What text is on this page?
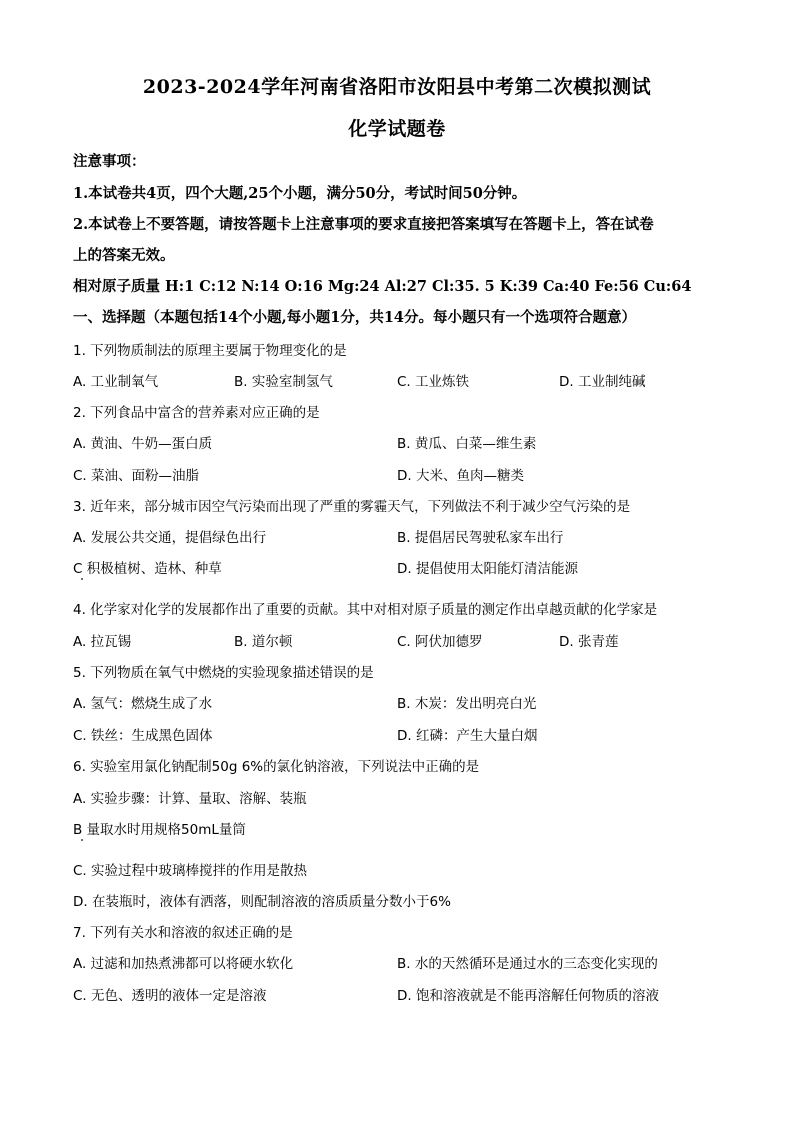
2023-2024学年河南省洛阳市汝阳县中考第二次模拟测试
化学试题卷
注意事项：
1.本试卷共4页，四个大题,25个小题，满分50分，考试时间50分钟。
2.本试卷上不要答题，请按答题卡上注意事项的要求直接把答案填写在答题卡上，答在试卷
上的答案无效。
相对原子质量 H:1 C:12 N:14 O:16 Mg:24 Al:27 Cl:35. 5 K:39 Ca:40 Fe:56 Cu:64
一、选择题（本题包括14个小题,每小题1分，共14分。每小题只有一个选项符合题意）
1. 下列物质制法的原理主要属于物理变化的是
A. 工业制氧气	B. 实验室制氢气	C. 工业炼铁	D. 工业制纯碱
2. 下列食品中富含的营养素对应正确的是
A. 黄油、牛奶—蛋白质	B. 黄瓜、白菜—维生素
C. 菜油、面粉—油脂	D. 大米、鱼肉—糖类
3. 近年来，部分城市因空气污染而出现了严重的雾霾天气，下列做法不利于减少空气污染的是
A. 发展公共交通，提倡绿色出行	B. 提倡居民驾驶私家车出行
C 积极植树、造林、种草	D. 提倡使用太阳能灯清洁能源
4. 化学家对化学的发展都作出了重要的贡献。其中对相对原子质量的测定作出卓越贡献的化学家是
A. 拉瓦锡	B. 道尔顿	C. 阿伏加德罗	D. 张青莲
5. 下列物质在氧气中燃烧的实验现象描述错误的是
A. 氢气：燃烧生成了水	B. 木炭：发出明亮白光
C. 铁丝：生成黑色固体	D. 红磷：产生大量白烟
6. 实验室用氯化钠配制50g 6%的氯化钠溶液，下列说法中正确的是
A. 实验步骤：计算、量取、溶解、装瓶
B 量取水时用规格50mL量筒
C. 实验过程中玻璃棒搅拌的作用是散热
D. 在装瓶时，液体有洒落，则配制溶液的溶质质量分数小于6%
7. 下列有关水和溶液的叙述正确的是
A. 过滤和加热煮沸都可以将硬水软化	B. 水的天然循环是通过水的三态变化实现的
C. 无色、透明的液体一定是溶液	D. 饱和溶液就是不能再溶解任何物质的溶液
